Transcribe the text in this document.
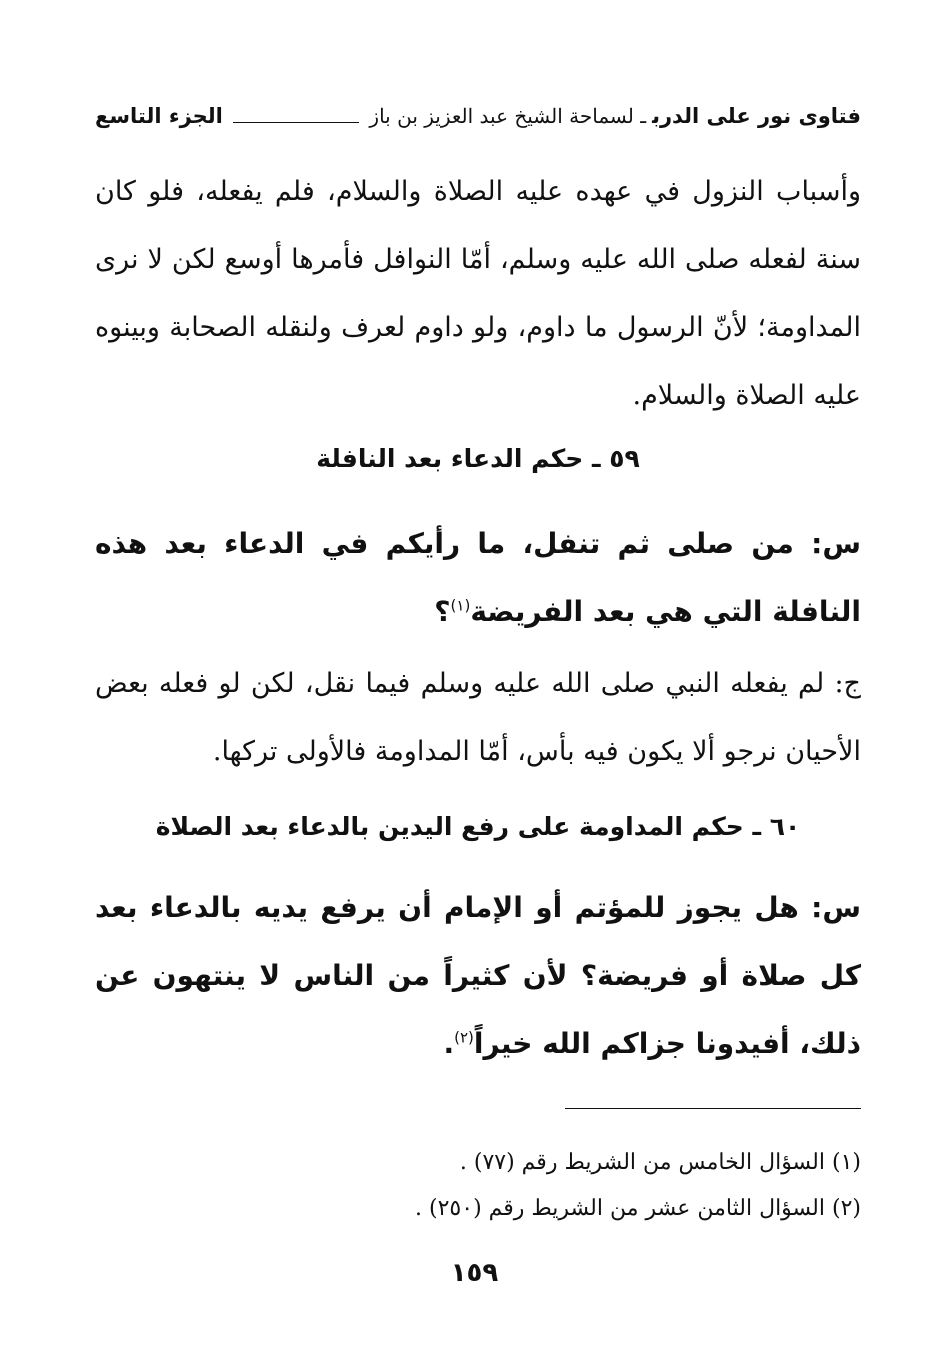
فتاوى نور على الدربـ لسماحة الشيخ عبد العزيز بن باز
الجزء التاسع

وأسباب النزول في عهده عليه الصلاة والسلام، فلم يفعله، فلو كان سنة لفعله صلى الله عليه وسلم، أمّا النوافل فأمرها أوسع لكن لا نرى المداومة؛ لأنّ الرسول ما داوم، ولو داوم لعرف ولنقله الصحابة وبينوه عليه الصلاة والسلام.

٥٩ ـ حكم الدعاء بعد النافلة

س: من صلى ثم تنفل، ما رأيكم في الدعاء بعد هذه النافلة التي هي بعد الفريضة$^{(١)}$؟

ج: لم يفعله النبي صلى الله عليه وسلم فيما نقل، لكن لو فعله بعض الأحيان نرجو ألا يكون فيه بأس، أمّا المداومة فالأولى تركها.

٦٠ ـ حكم المداومة على رفع اليدين بالدعاء بعد الصلاة

س: هل يجوز للمؤتم أو الإمام أن يرفع يديه بالدعاء بعد كل صلاة أو فريضة؟ لأن كثيراً من الناس لا ينتهون عن ذلك، أفيدونا جزاكم الله خيراً$^{(٢)}$.

(١) السؤال الخامس من الشريط رقم (٧٧) .

(٢) السؤال الثامن عشر من الشريط رقم (٢٥٠) .

١٥٩
